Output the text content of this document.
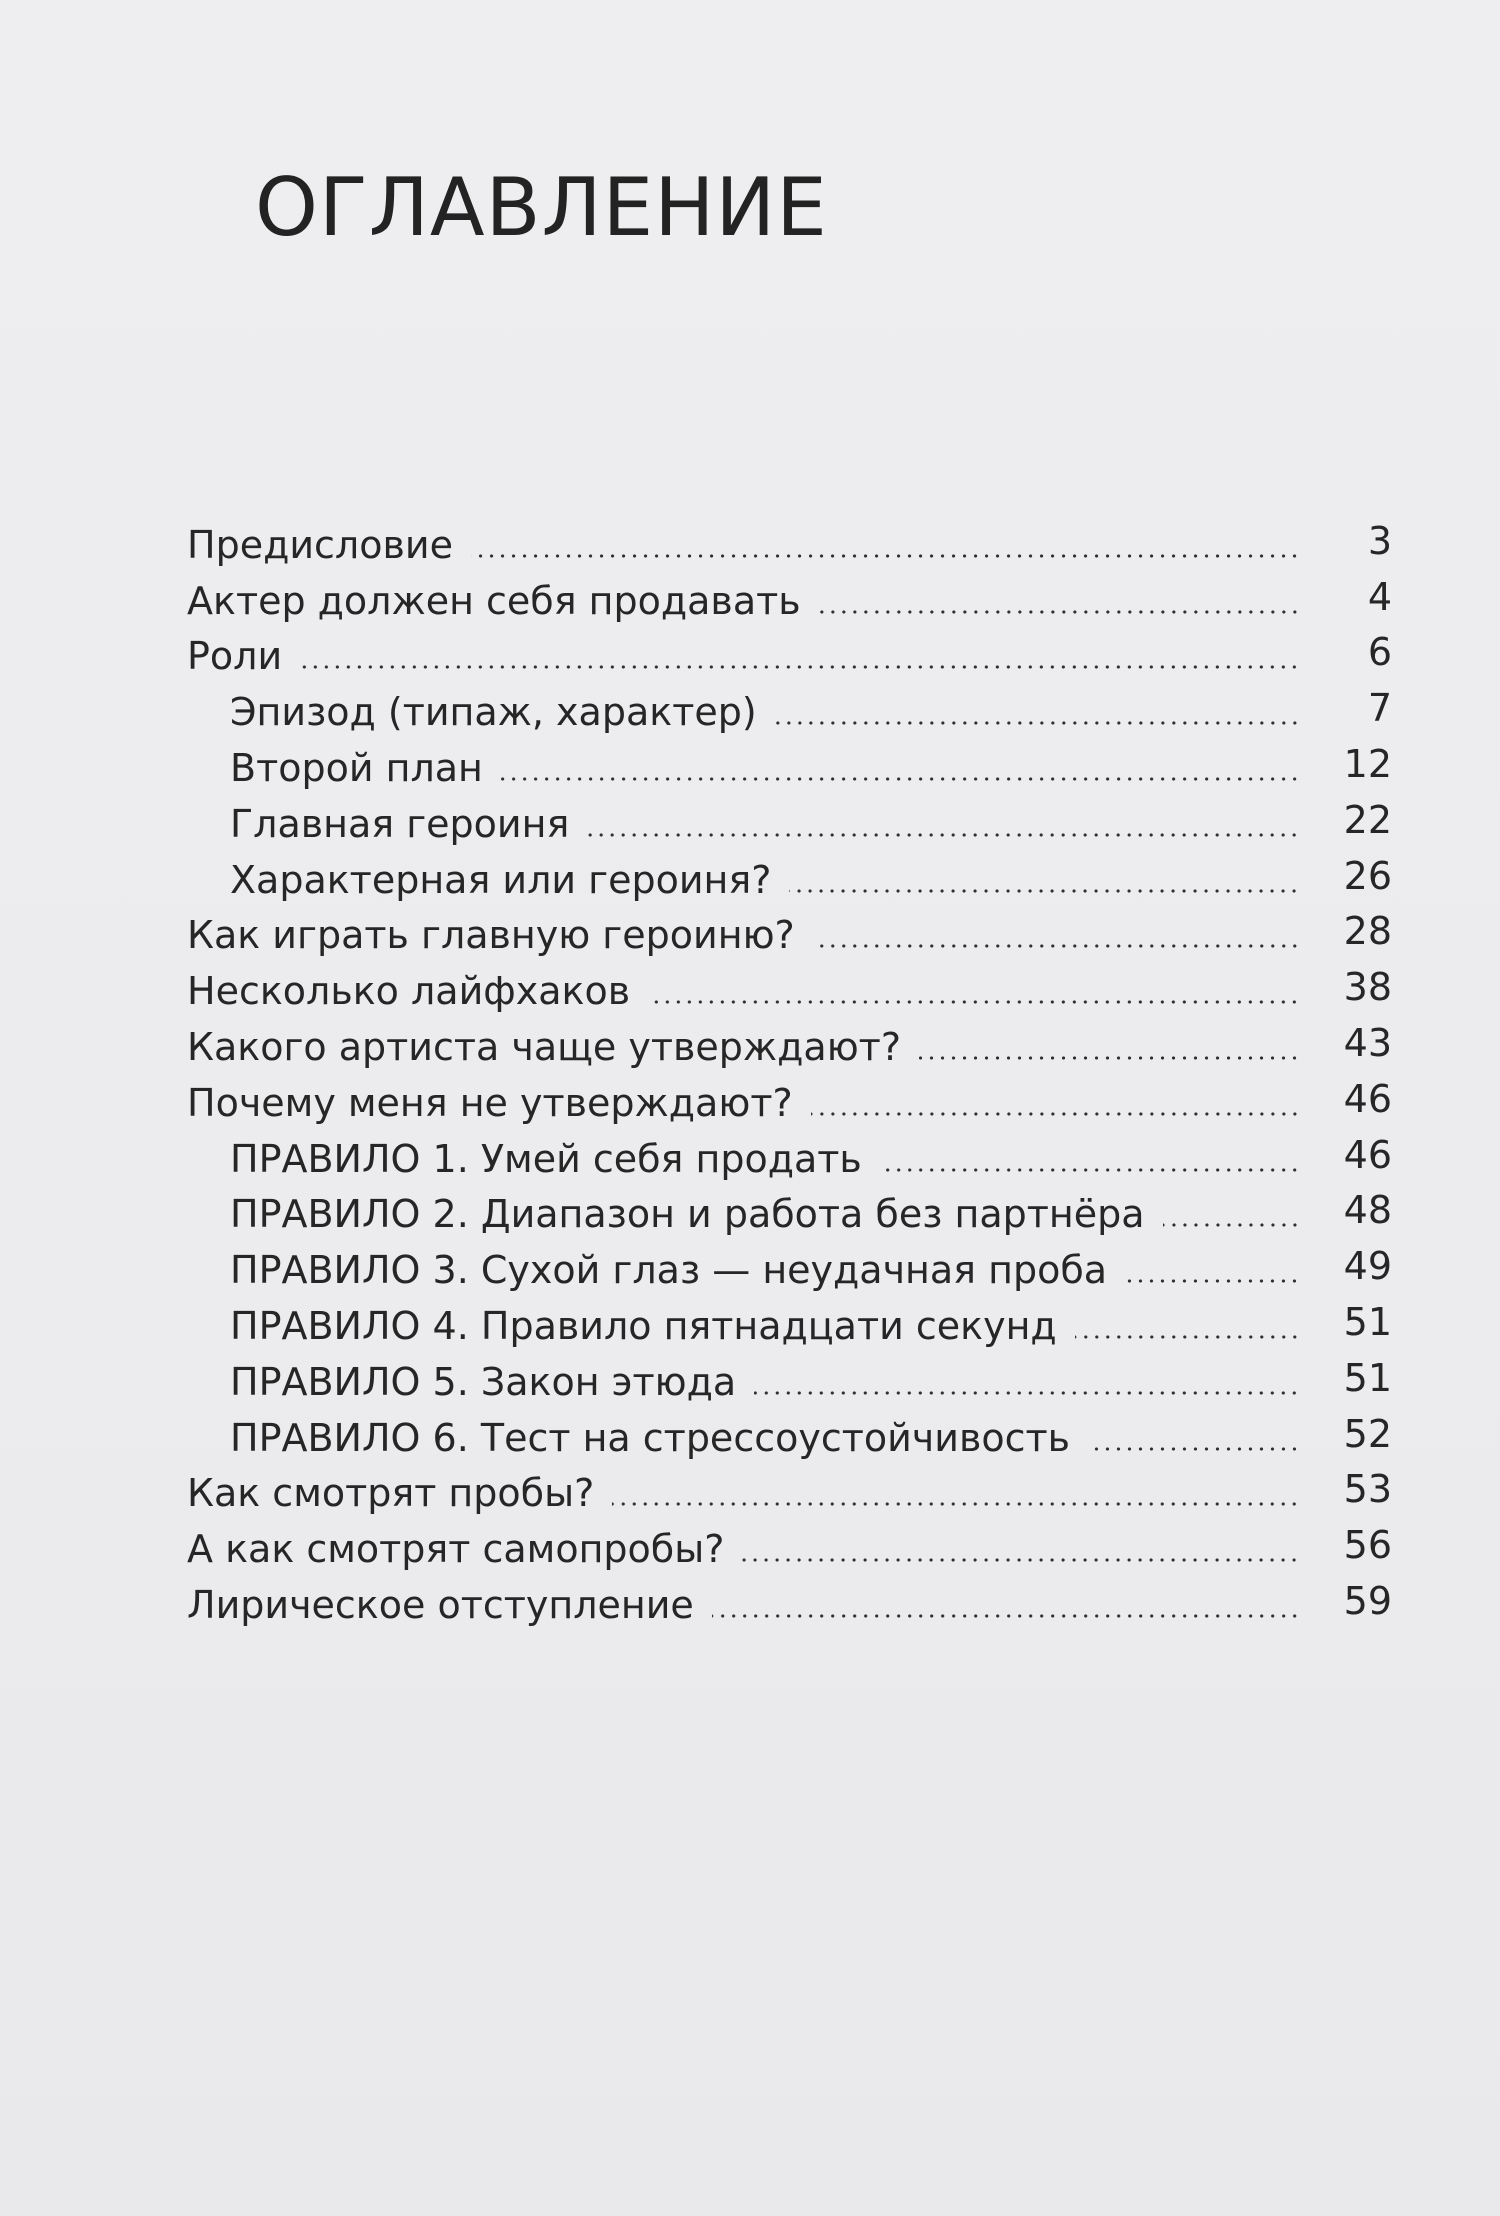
ОГЛАВЛЕНИЕ
Предисловие	3
Актер должен себя продавать	4
Роли	6
Эпизод (типаж, характер)	7
Второй план	12
Главная героиня	22
Характерная или героиня?	26
Как играть главную героиню?	28
Несколько лайфхаков	38
Какого артиста чаще утверждают?	43
Почему меня не утверждают?	46
ПРАВИЛО 1. Умей себя продать	46
ПРАВИЛО 2. Диапазон и работа без партнёра	48
ПРАВИЛО 3. Сухой глаз — неудачная проба	49
ПРАВИЛО 4. Правило пятнадцати секунд	51
ПРАВИЛО 5. Закон этюда	51
ПРАВИЛО 6. Тест на стрессоустойчивость	52
Как смотрят пробы?	53
А как смотрят самопробы?	56
Лирическое отступление	59
